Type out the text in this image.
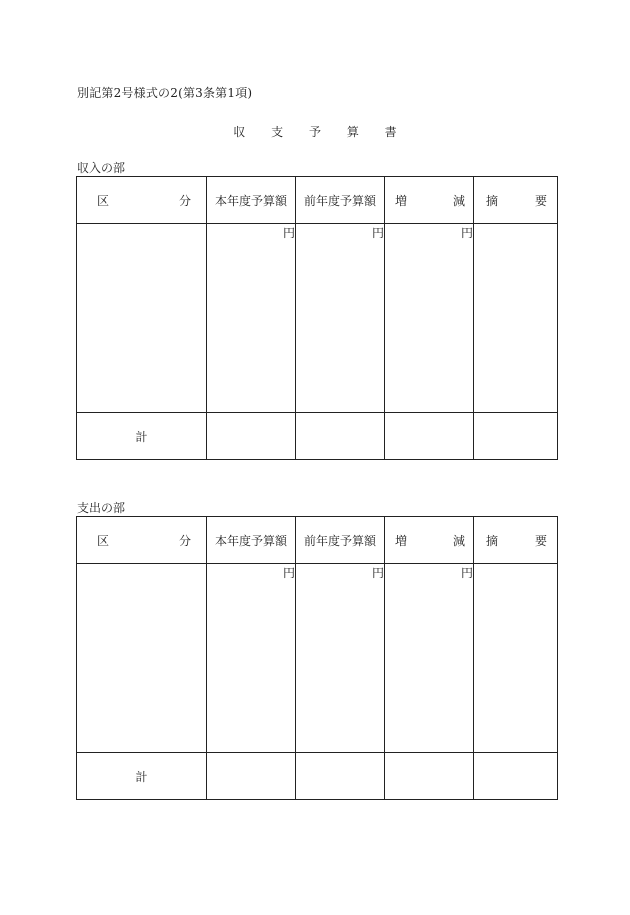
別記第2号様式の2(第3条第1項)
収 支 予 算 書
収入の部
区 分	本年度予算額	前年度予算額	増 減	摘 要

	円	円	円	
計				
支出の部
区 分	本年度予算額	前年度予算額	増 減	摘 要

	円	円	円	
計				
